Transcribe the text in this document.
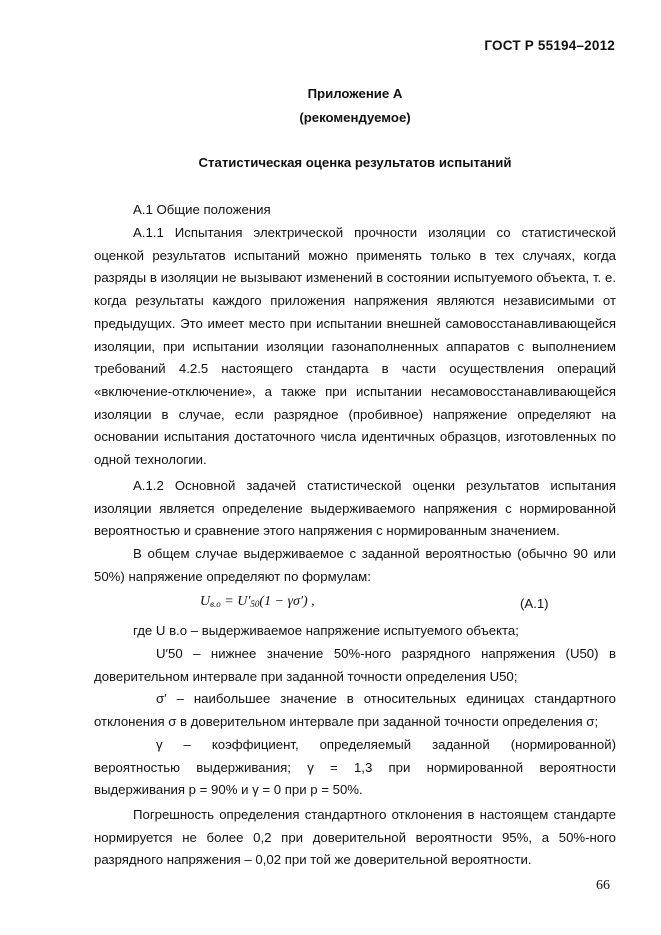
ГОСТ Р 55194–2012
Приложение А
(рекомендуемое)
Статистическая оценка результатов испытаний

А.1 Общие положения

А.1.1 Испытания электрической прочности изоляции со статистической оценкой результатов испытаний можно применять только в тех случаях, когда разряды в изоляции не вызывают изменений в состоянии испытуемого объекта, т. е. когда результаты каждого приложения напряжения являются независимыми от предыдущих. Это имеет место при испытании внешней самовосстанавливающейся изоляции, при испытании изоляции газонаполненных аппаратов с выполнением требований 4.2.5 настоящего стандарта в части осуществления операций «включение-отключение», а также при испытании несамовосстанавливающейся изоляции в случае, если разрядное (пробивное) напряжение определяют на основании испытания достаточного числа идентичных образцов, изготовленных по одной технологии.

А.1.2 Основной задачей статистической оценки результатов испытания изоляции является определение выдерживаемого напряжения с нормированной вероятностью и сравнение этого напряжения с нормированным значением.

В общем случае выдерживаемое с заданной вероятностью (обычно 90 или 50%) напряжение определяют по формулам:

$U_{в.о} = U'_{50}(1 - \gamma\sigma')$ ,	(А.1)

где U в.о – выдерживаемое напряжение испытуемого объекта;

U′50 – нижнее значение 50%-ного разрядного напряжения (U50) в доверительном интервале при заданной точности определения U50;

σ′ – наибольшее значение в относительных единицах стандартного отклонения σ в доверительном интервале при заданной точности определения σ;

γ – коэффициент, определяемый заданной (нормированной) вероятностью выдерживания; γ = 1,3 при нормированной вероятности выдерживания p = 90% и γ = 0 при p = 50%.

Погрешность определения стандартного отклонения в настоящем стандарте нормируется не более 0,2 при доверительной вероятности 95%, а 50%-ного разрядного напряжения – 0,02 при той же доверительной вероятности.

66
